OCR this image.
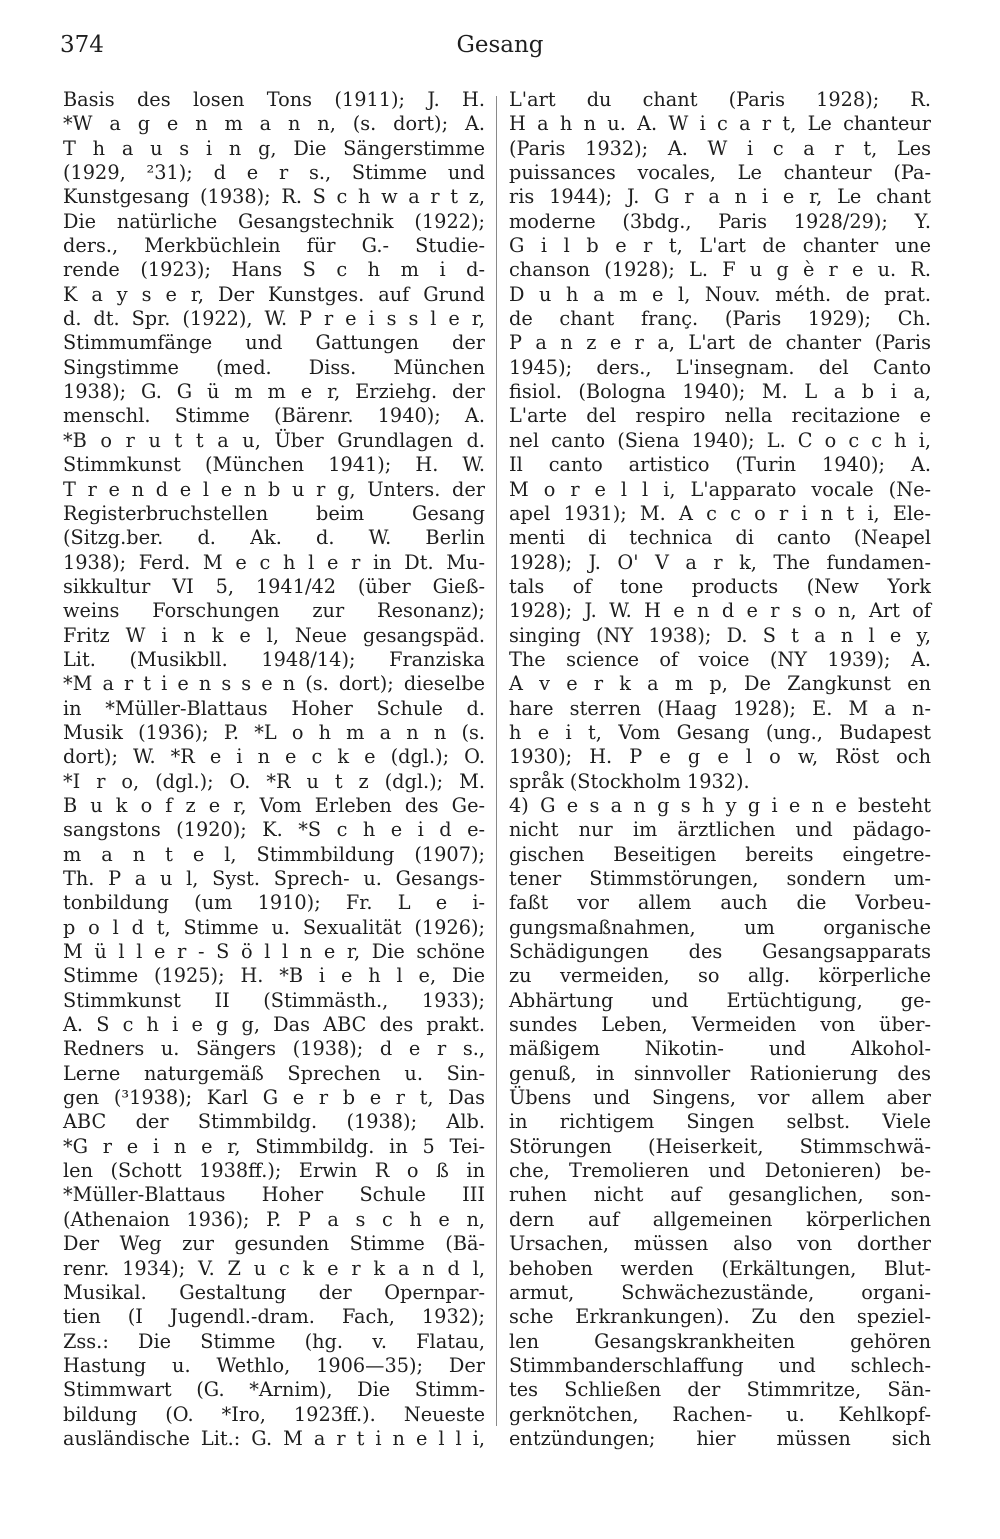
374	Gesang
Basis des losen Tons (1911); J. H.
*W a g e n m a n n, (s. dort); A.
T h a u s i n g, Die Sängerstimme
(1929, ²31); d e r s., Stimme und
Kunstgesang (1938); R. S c h w a r t z,
Die natürliche Gesangstechnik (1922);
ders., Merkbüchlein für G.- Studie-
rende (1923); Hans S c h m i d-
K a y s e r, Der Kunstges. auf Grund
d. dt. Spr. (1922), W. P r e i s s l e r,
Stimmumfänge und Gattungen der
Singstimme (med. Diss. München
1938); G. G ü m m e r, Erziehg. der
menschl. Stimme (Bärenr. 1940); A.
*B o r u t t a u, Über Grundlagen d.
Stimmkunst (München 1941); H. W.
T r e n d e l e n b u r g, Unters. der
Registerbruchstellen beim Gesang
(Sitzg.ber. d. Ak. d. W. Berlin
1938); Ferd. M e c h l e r in Dt. Mu-
sikkultur VI 5, 1941/42 (über Gieß-
weins Forschungen zur Resonanz);
Fritz W i n k e l, Neue gesangspäd.
Lit. (Musikbll. 1948/14); Franziska
*M a r t i e n s s e n (s. dort); dieselbe
in *Müller-Blattaus Hoher Schule d.
Musik (1936); P. *L o h m a n n (s.
dort); W. *R e i n e c k e (dgl.); O.
*I r o, (dgl.); O. *R u t z (dgl.); M.
B u k o f z e r, Vom Erleben des Ge-
sangstons (1920); K. *S c h e i d e-
m a n t e l, Stimmbildung (1907);
Th. P a u l, Syst. Sprech- u. Gesangs-
tonbildung (um 1910); Fr. L e i-
p o l d t, Stimme u. Sexualität (1926);
M ü l l e r - S ö l l n e r, Die schöne
Stimme (1925); H. *B i e h l e, Die
Stimmkunst II (Stimmästh., 1933);
A. S c h i e g g, Das ABC des prakt.
Redners u. Sängers (1938); d e r s.,
Lerne naturgemäß Sprechen u. Sin-
gen (³1938); Karl G e r b e r t, Das
ABC der Stimmbildg. (1938); Alb.
*G r e i n e r, Stimmbildg. in 5 Tei-
len (Schott 1938ff.); Erwin R o ß in
*Müller-Blattaus Hoher Schule III
(Athenaion 1936); P. P a s c h e n,
Der Weg zur gesunden Stimme (Bä-
renr. 1934); V. Z u c k e r k a n d l,
Musikal. Gestaltung der Opernpar-
tien (I Jugendl.-dram. Fach, 1932);
Zss.: Die Stimme (hg. v. Flatau,
Hastung u. Wethlo, 1906—35); Der
Stimmwart (G. *Arnim), Die Stimm-
bildung (O. *Iro, 1923ff.). Neueste
ausländische Lit.: G. M a r t i n e l l i,
L'art du chant (Paris 1928); R.
H a h n u. A. W i c a r t, Le chanteur
(Paris 1932); A. W i c a r t, Les
puissances vocales, Le chanteur (Pa-
ris 1944); J. G r a n i e r, Le chant
moderne (3bdg., Paris 1928/29); Y.
G i l b e r t, L'art de chanter une
chanson (1928); L. F u g è r e u. R.
D u h a m e l, Nouv. méth. de prat.
de chant franç. (Paris 1929); Ch.
P a n z e r a, L'art de chanter (Paris
1945); ders., L'insegnam. del Canto
fisiol. (Bologna 1940); M. L a b i a,
L'arte del respiro nella recitazione e
nel canto (Siena 1940); L. C o c c h i,
Il canto artistico (Turin 1940); A.
M o r e l l i, L'apparato vocale (Ne-
apel 1931); M. A c c o r i n t i, Ele-
menti di technica di canto (Neapel
1928); J. O' V a r k, The fundamen-
tals of tone products (New York
1928); J. W. H e n d e r s o n, Art of
singing (NY 1938); D. S t a n l e y,
The science of voice (NY 1939); A.
A v e r k a m p, De Zangkunst en
hare sterren (Haag 1928); E. M a n-
h e i t, Vom Gesang (ung., Budapest
1930); H. P e g e l o w, Röst och
språk (Stockholm 1932).
4) G e s a n g s h y g i e n e besteht
nicht nur im ärztlichen und pädago-
gischen Beseitigen bereits eingetre-
tener Stimmstörungen, sondern um-
faßt vor allem auch die Vorbeu-
gungsmaßnahmen, um organische
Schädigungen des Gesangsapparats
zu vermeiden, so allg. körperliche
Abhärtung und Ertüchtigung, ge-
sundes Leben, Vermeiden von über-
mäßigem Nikotin- und Alkohol-
genuß, in sinnvoller Rationierung des
Übens und Singens, vor allem aber
in richtigem Singen selbst. Viele
Störungen (Heiserkeit, Stimmschwä-
che, Tremolieren und Detonieren) be-
ruhen nicht auf gesanglichen, son-
dern auf allgemeinen körperlichen
Ursachen, müssen also von dorther
behoben werden (Erkältungen, Blut-
armut, Schwächezustände, organi-
sche Erkrankungen). Zu den speziel-
len Gesangskrankheiten gehören
Stimmbanderschlaffung und schlech-
tes Schließen der Stimmritze, Sän-
gerknötchen, Rachen- u. Kehlkopf-
entzündungen; hier müssen sich
